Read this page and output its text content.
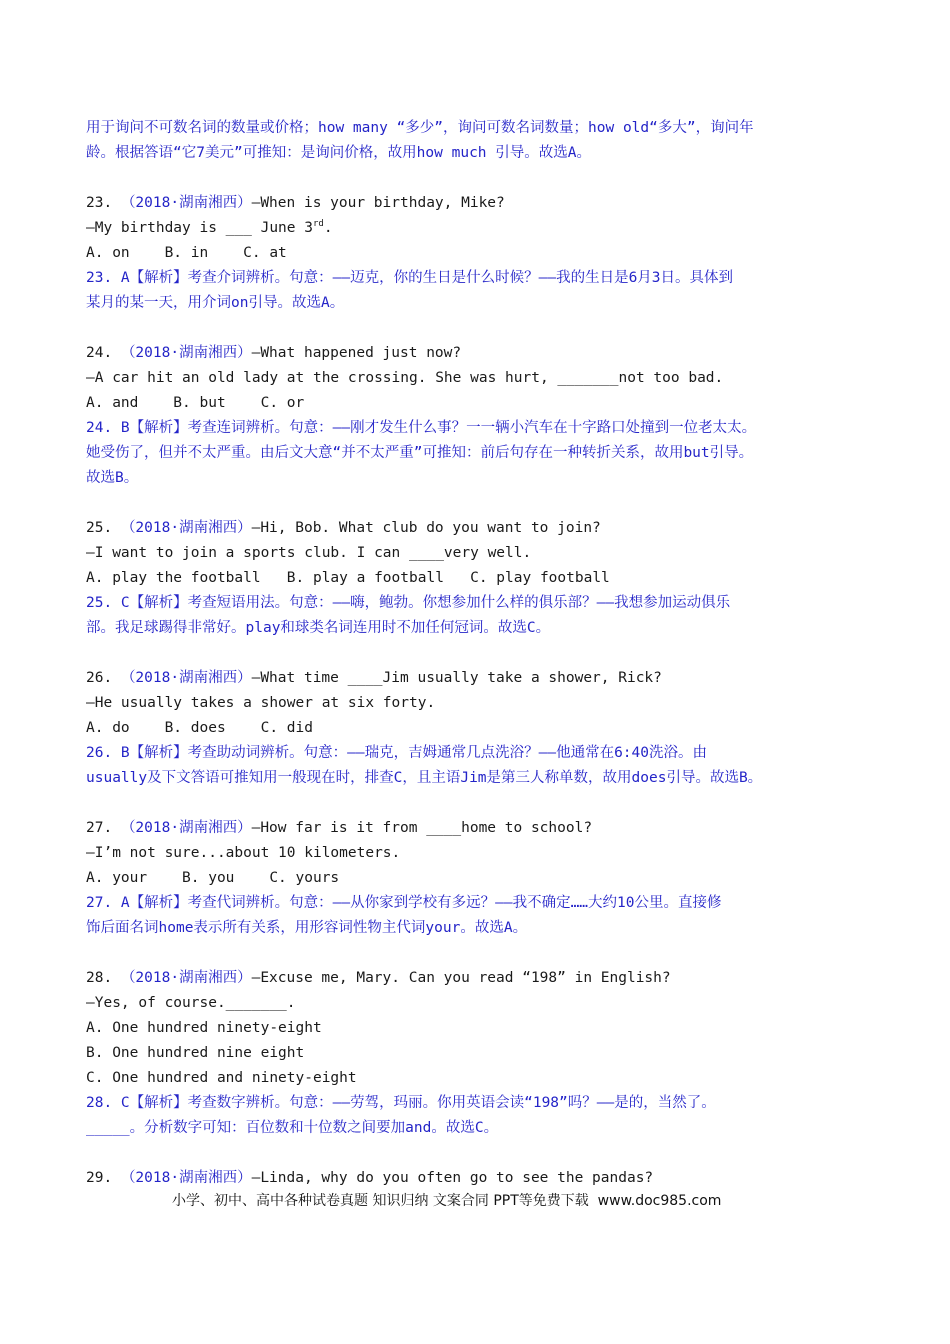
用于询问不可数名词的数量或价格；how many “多少”，询问可数名词数量；how old“多大”，询问年
龄。根据答语“它7美元”可推知：是询问价格，故用how much 引导。故选A。
23. （2018·湖南湘西）—When is your birthday, Mike?
—My birthday is ___ June 3rd.
A. on    B. in    C. at
23. A【解析】考查介词辨析。句意：——迈克，你的生日是什么时候？——我的生日是6月3日。具体到
某月的某一天，用介词on引导。故选A。
24. （2018·湖南湘西）—What happened just now?
—A car hit an old lady at the crossing. She was hurt, _______not too bad.
A. and    B. but    C. or
24. B【解析】考查连词辨析。句意：——刚才发生什么事？一一辆小汽车在十字路口处撞到一位老太太。
她受伤了，但并不太严重。由后文大意“并不太严重”可推知：前后句存在一种转折关系，故用but引导。
故选B。
25. （2018·湖南湘西）—Hi, Bob. What club do you want to join?
—I want to join a sports club. I can ____very well.
A. play the football   B. play a football   C. play football
25. C【解析】考查短语用法。句意：——嗨，鲍勃。你想参加什么样的俱乐部？——我想参加运动俱乐
部。我足球踢得非常好。play和球类名词连用时不加任何冠词。故选C。
26. （2018·湖南湘西）—What time ____Jim usually take a shower, Rick?
—He usually takes a shower at six forty.
A. do    B. does    C. did
26. B【解析】考查助动词辨析。句意：——瑞克，吉姆通常几点洗浴？——他通常在6:40洗浴。由
usually及下文答语可推知用一般现在时，排查C，且主语Jim是第三人称单数，故用does引导。故选B。
27. （2018·湖南湘西）—How far is it from ____home to school?
—I’m not sure...about 10 kilometers.
A. your    B. you    C. yours
27. A【解析】考查代词辨析。句意：——从你家到学校有多远？——我不确定……大约10公里。直接修
饰后面名词home表示所有关系，用形容词性物主代词your。故选A。
28. （2018·湖南湘西）—Excuse me, Mary. Can you read “198” in English?
—Yes, of course._______.
A. One hundred ninety-eight
B. One hundred nine eight
C. One hundred and ninety-eight
28. C【解析】考查数字辨析。句意：——劳驾，玛丽。你用英语会读“198”吗？——是的，当然了。
_____。分析数字可知：百位数和十位数之间要加and。故选C。
29. （2018·湖南湘西）—Linda, why do you often go to see the pandas?
小学、初中、高中各种试卷真题 知识归纳 文案合同 PPT等免费下载  www.doc985.com
